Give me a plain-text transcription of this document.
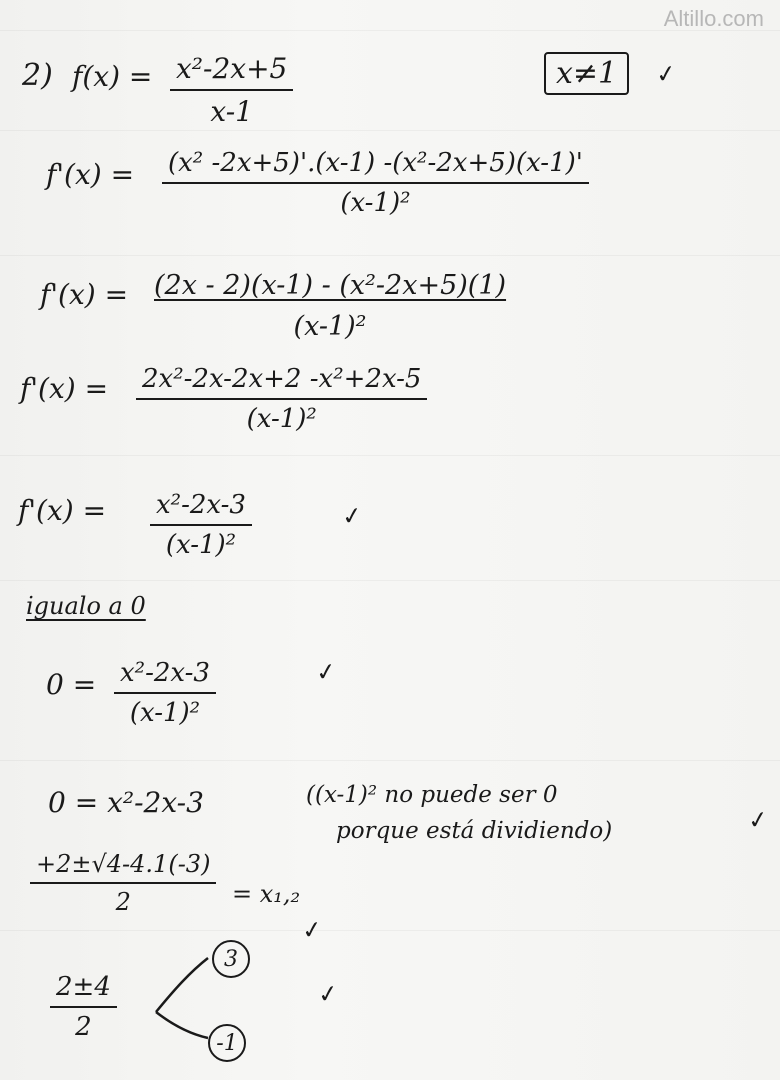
Altillo.com
2) f(x) = x²-2x+5
x-1
x≠1	✓
f'(x) = (x² -2x+5)'.(x-1) -(x²-2x+5)(x-1)'
(x-1)²
$f'(x) = \frac{\text{(2x - 2)(x-1) - (x²-2x+5)(1)}}{\text{(x-1)²}}$
f'(x) = 2x²-2x-2x+2 -x²+2x-5
(x-1)²
f'(x) = x²-2x-3
(x-1)²
✓
igualo a 0
0 = x²-2x-3
(x-1)²
✓
0 = x²-2x-3	((x-1)² no puede ser 0
porque está dividiendo)	✓
+2±√4-4.1(-3)
2	= x₁,₂
✓
2±4
2
3
-1
✓
